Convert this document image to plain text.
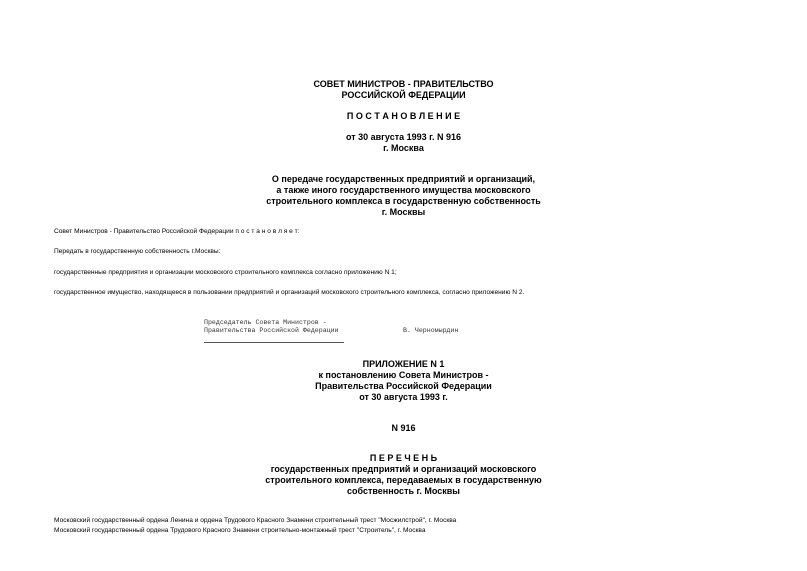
СОВЕТ МИНИСТРОВ - ПРАВИТЕЛЬСТВО
РОССИЙСКОЙ ФЕДЕРАЦИИ
П О С Т А Н О В Л Е Н И Е
от 30 августа 1993 г. N 916
г. Москва
О передаче государственных предприятий и организаций,
а также иного государственного имущества московского
строительного комплекса в государственную собственность
г. Москвы
Совет Министров - Правительство Российской Федерации п о с т а н о в л я е т:
Передать в государственную собственность г.Москвы:
государственные предприятия и организации московского строительного комплекса согласно приложению N 1;
государственное имущество, находящееся в пользовании предприятий и организаций московского строительного комплекса, согласно приложению N 2.
Председатель Совета Министров -
Правительства Российской Федерации	В. Черномырдин
ПРИЛОЖЕНИЕ N 1
к постановлению Совета Министров -
Правительства Российской Федерации
от 30 августа 1993 г.
N 916
П Е Р Е Ч Е Н Ь
государственных предприятий и организаций московского
строительного комплекса, передаваемых в государственную
собственность г. Москвы
Московский государственный ордена Ленина и ордена Трудового Красного Знамени строительный трест "Мосжилстрой", г. Москва
Московский государственный ордена Трудового Красного Знамени строительно-монтажный трест "Строитель", г. Москва
